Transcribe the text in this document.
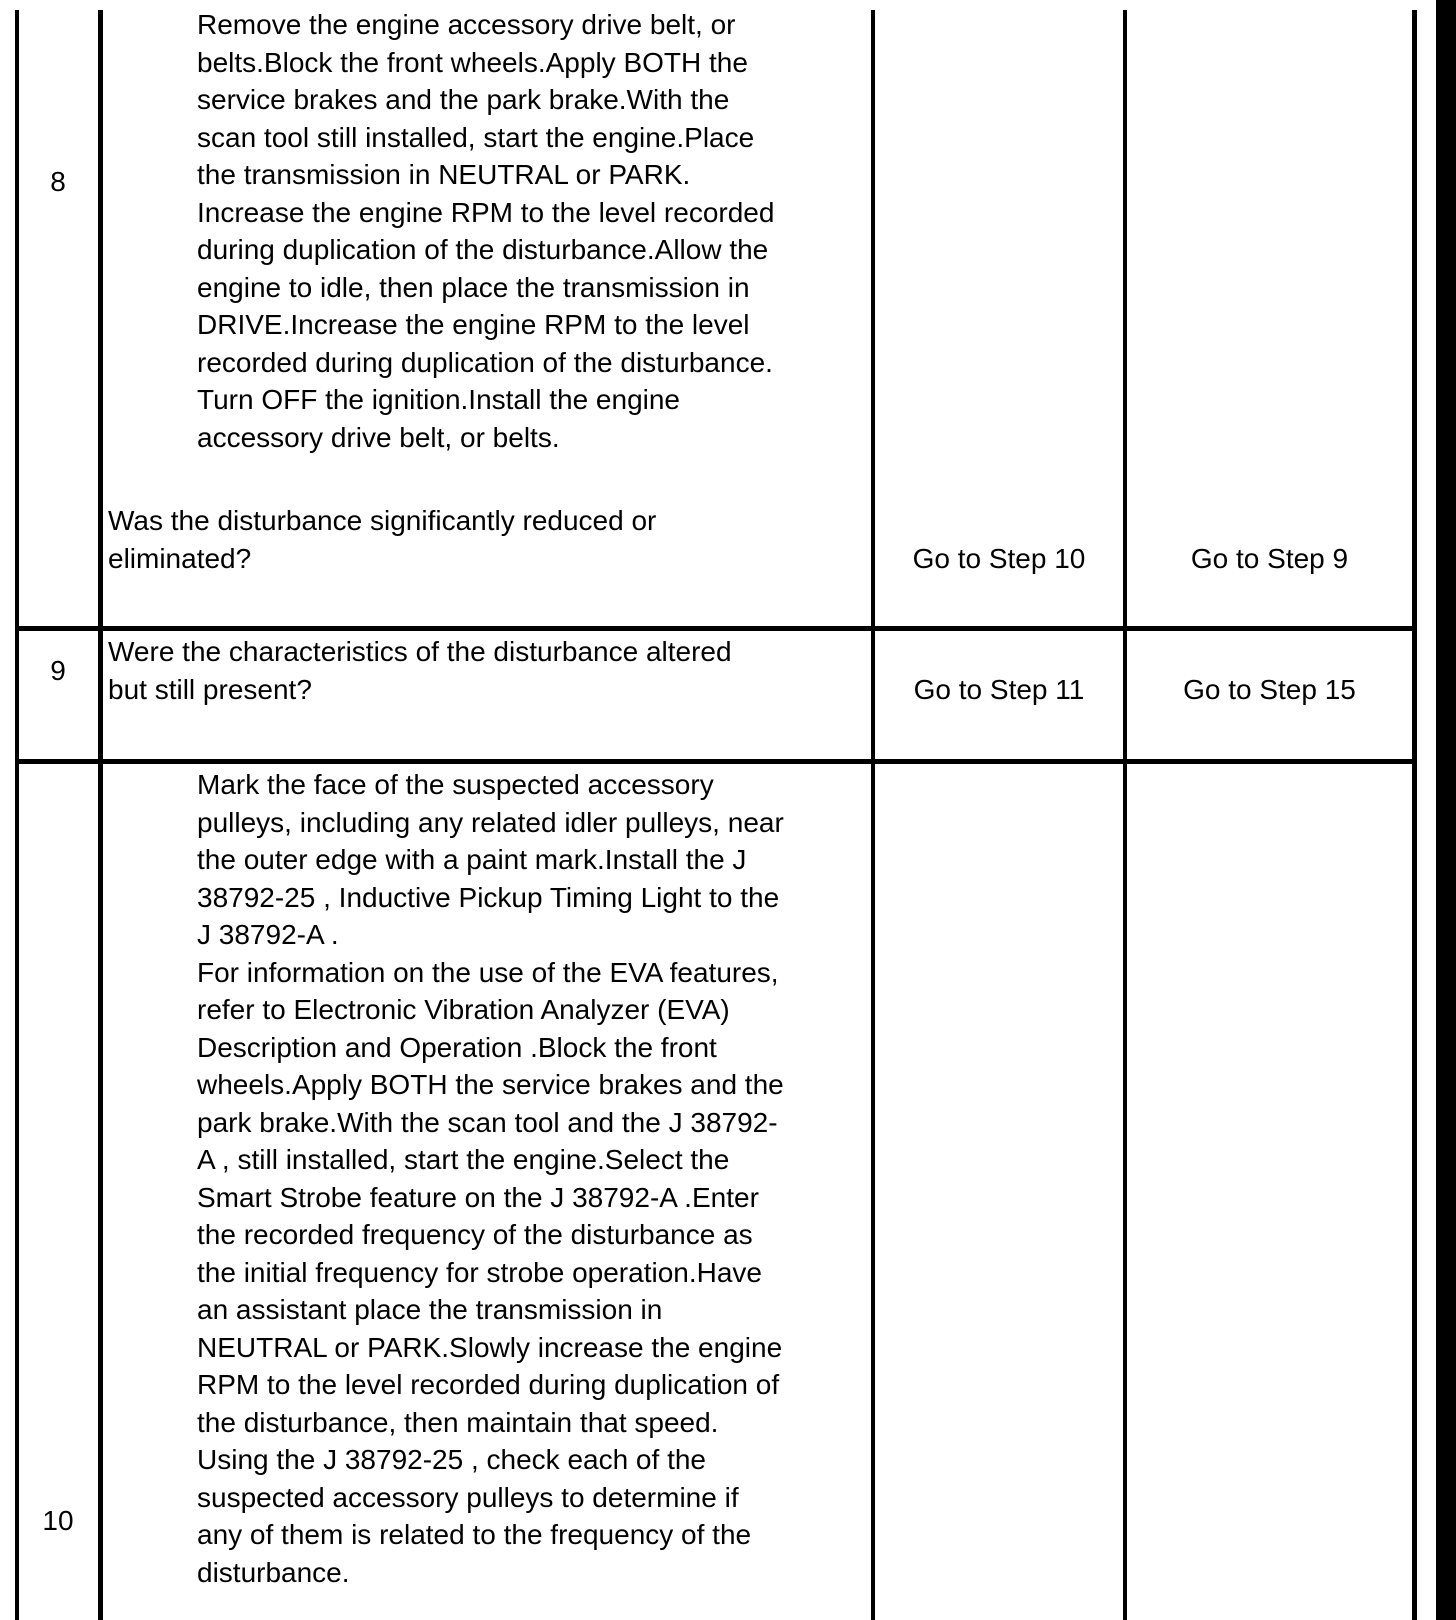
8

Remove the engine accessory drive belt, or
belts.Block the front wheels.Apply BOTH the
service brakes and the park brake.With the
scan tool still installed, start the engine.Place
the transmission in NEUTRAL or PARK.
Increase the engine RPM to the level recorded
during duplication of the disturbance.Allow the
engine to idle, then place the transmission in
DRIVE.Increase the engine RPM to the level
recorded during duplication of the disturbance.
Turn OFF the ignition.Install the engine
accessory drive belt, or belts.

Was the disturbance significantly reduced or
eliminated?	Go to Step 10	Go to Step 9
9

Were the characteristics of the disturbance altered
but still present?	Go to Step 11	Go to Step 15
10

Mark the face of the suspected accessory
pulleys, including any related idler pulleys, near
the outer edge with a paint mark.Install the J
38792-25 , Inductive Pickup Timing Light to the
J 38792-A .
For information on the use of the EVA features,
refer to Electronic Vibration Analyzer (EVA)
Description and Operation .Block the front
wheels.Apply BOTH the service brakes and the
park brake.With the scan tool and the J 38792-
A , still installed, start the engine.Select the
Smart Strobe feature on the J 38792-A .Enter
the recorded frequency of the disturbance as
the initial frequency for strobe operation.Have
an assistant place the transmission in
NEUTRAL or PARK.Slowly increase the engine
RPM to the level recorded during duplication of
the disturbance, then maintain that speed.
Using the J 38792-25 , check each of the
suspected accessory pulleys to determine if
any of them is related to the frequency of the
disturbance.
